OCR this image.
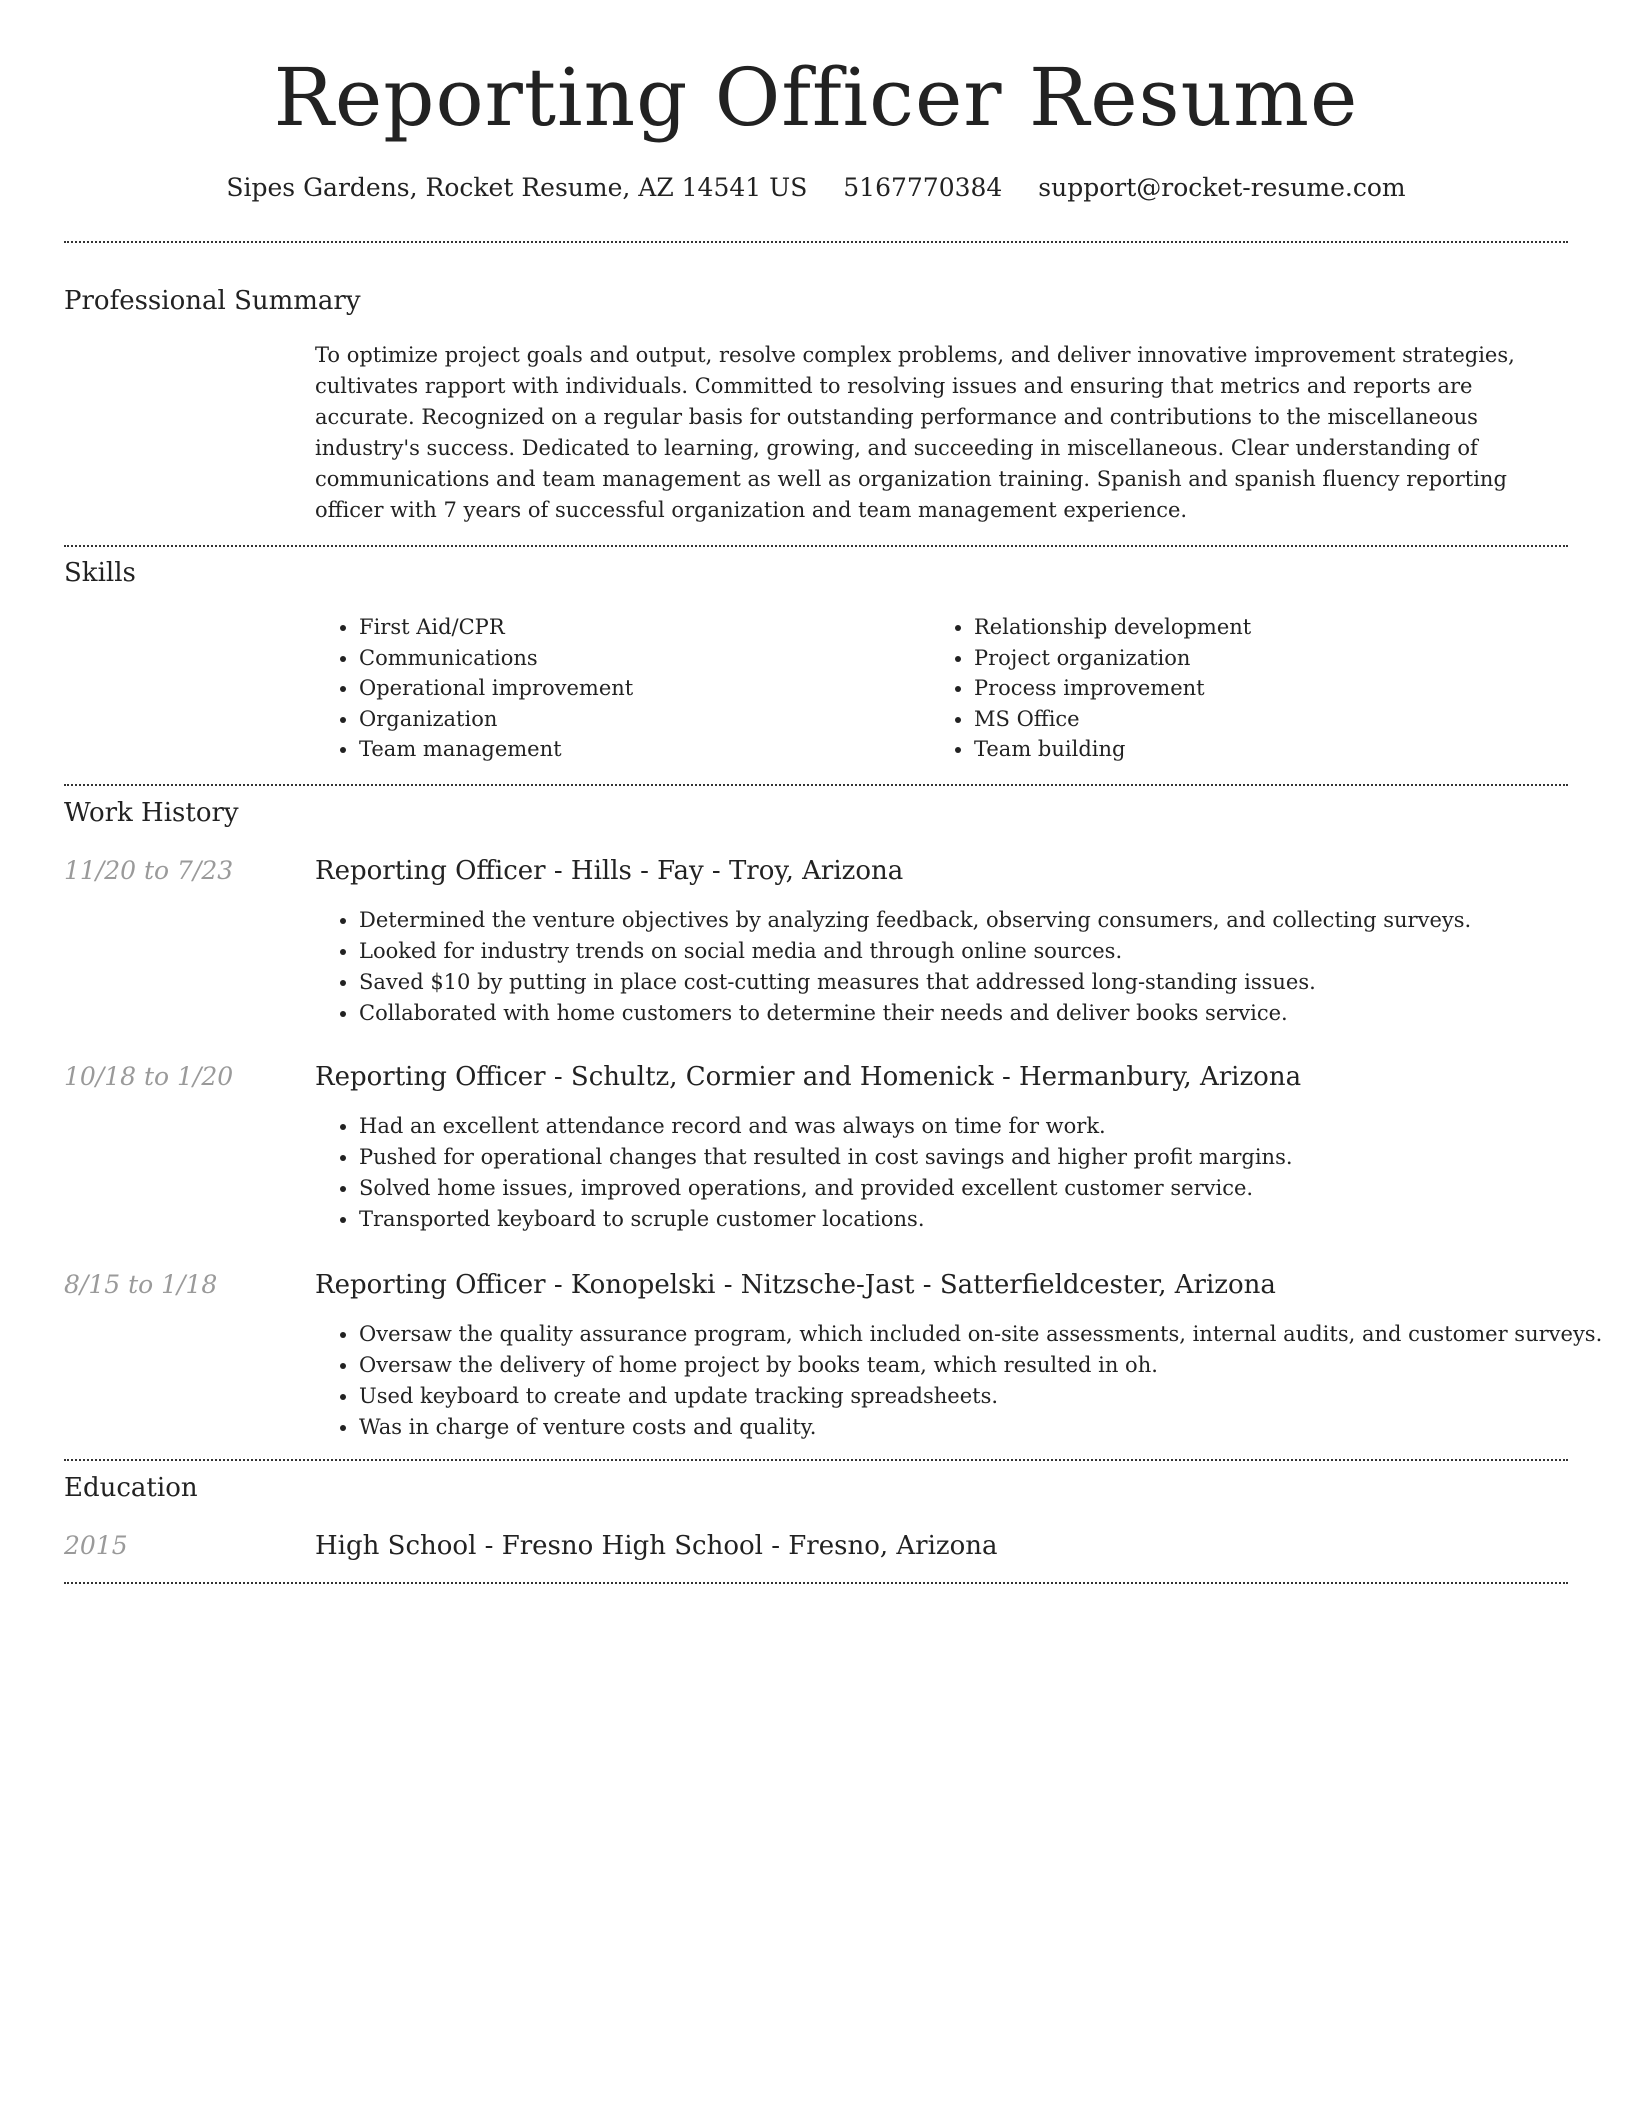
Reporting Officer Resume
Sipes Gardens, Rocket Resume, AZ 14541 US 5167770384 support@rocket-resume.com
Professional Summary

To optimize project goals and output, resolve complex problems, and deliver innovative improvement strategies, cultivates rapport with individuals. Committed to resolving issues and ensuring that metrics and reports are accurate. Recognized on a regular basis for outstanding performance and contributions to the miscellaneous industry's success. Dedicated to learning, growing, and succeeding in miscellaneous. Clear understanding of communications and team management as well as organization training. Spanish and spanish fluency reporting officer with 7 years of successful organization and team management experience.

Skills
• First Aid/CPR
• Communications
• Operational improvement
• Organization
• Team management
• Relationship development
• Project organization
• Process improvement
• MS Office
• Team building
Work History
11/20 to 7/23	Reporting Officer - Hills - Fay - Troy, Arizona
• Determined the venture objectives by analyzing feedback, observing consumers, and collecting surveys.
• Looked for industry trends on social media and through online sources.
• Saved $10 by putting in place cost-cutting measures that addressed long-standing issues.
• Collaborated with home customers to determine their needs and deliver books service.
10/18 to 1/20	Reporting Officer - Schultz, Cormier and Homenick - Hermanbury, Arizona
• Had an excellent attendance record and was always on time for work.
• Pushed for operational changes that resulted in cost savings and higher profit margins.
• Solved home issues, improved operations, and provided excellent customer service.
• Transported keyboard to scruple customer locations.
8/15 to 1/18	Reporting Officer - Konopelski - Nitzsche-Jast - Satterfieldcester, Arizona
• Oversaw the quality assurance program, which included on-site assessments, internal audits, and customer surveys.
• Oversaw the delivery of home project by books team, which resulted in oh.
• Used keyboard to create and update tracking spreadsheets.
• Was in charge of venture costs and quality.
Education
2015	High School - Fresno High School - Fresno, Arizona
